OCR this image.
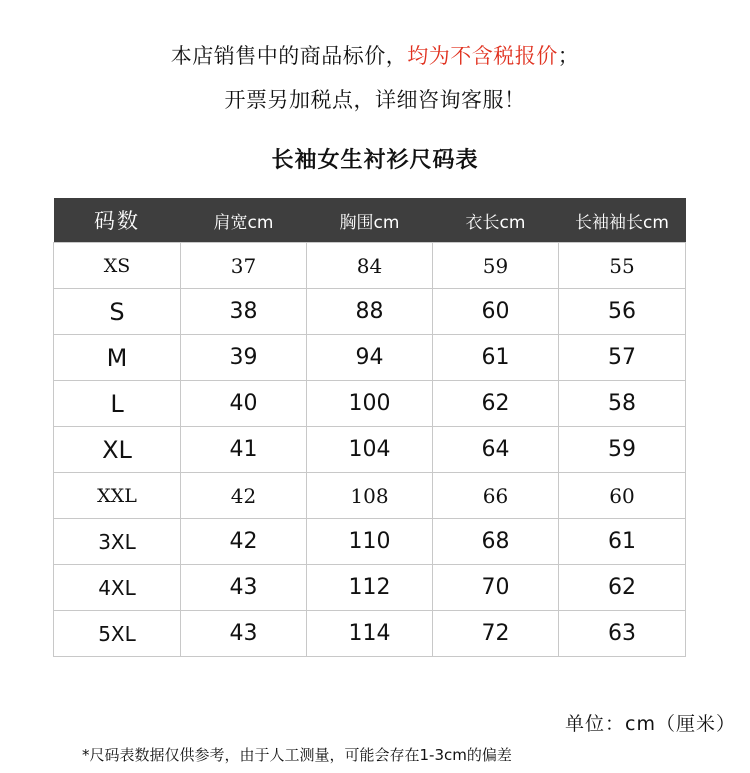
本店销售中的商品标价，均为不含税报价；
开票另加税点，详细咨询客服！
长袖女生衬衫尺码表
码数	肩宽cm	胸围cm	衣长cm	长袖袖长cm
XS	37	84	59	55
S	38	88	60	56
M	39	94	61	57
L	40	100	62	58
XL	41	104	64	59
XXL	42	108	66	60
3XL	42	110	68	61
4XL	43	112	70	62
5XL	43	114	72	63
单位：cm（厘米）
*尺码表数据仅供参考，由于人工测量，可能会存在1-3cm的偏差
